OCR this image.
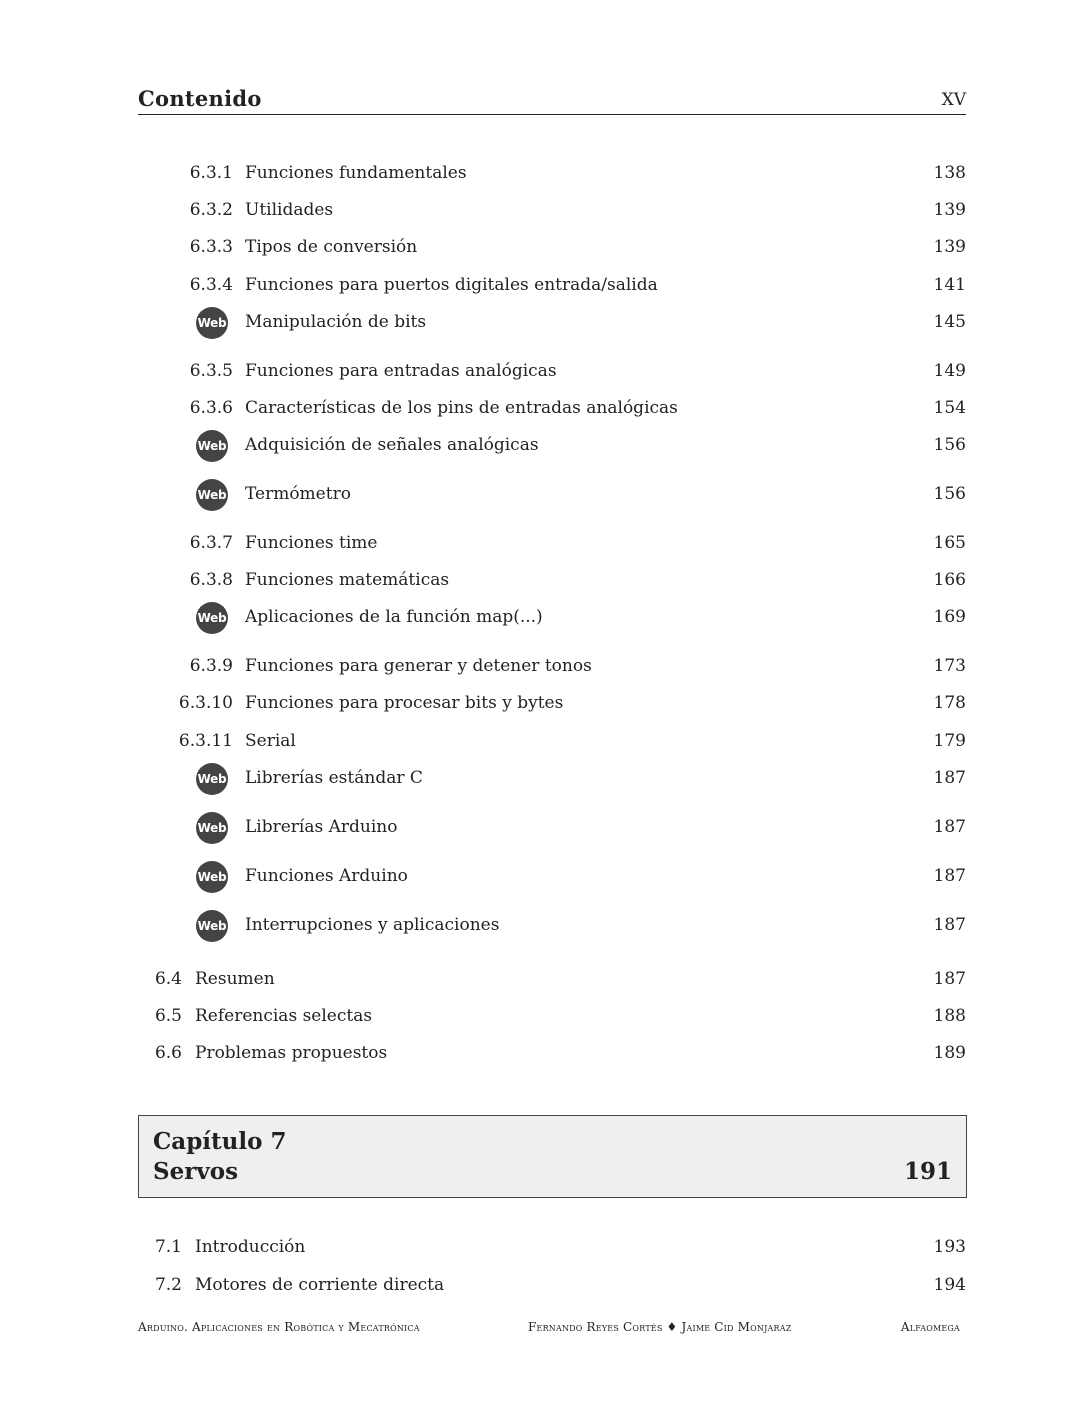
Contenido	XV
6.3.1 Funciones fundamentales	138
6.3.2 Utilidades	139
6.3.3 Tipos de conversión	139
6.3.4 Funciones para puertos digitales entrada/salida	141
Web Manipulación de bits	145
6.3.5 Funciones para entradas analógicas	149
6.3.6 Características de los pins de entradas analógicas	154
Web Adquisición de señales analógicas	156
Web Termómetro	156
6.3.7 Funciones time	165
6.3.8 Funciones matemáticas	166
Web Aplicaciones de la función map(...)	169
6.3.9 Funciones para generar y detener tonos	173
6.3.10 Funciones para procesar bits y bytes	178
6.3.11 Serial	179
Web Librerías estándar C	187
Web Librerías Arduino	187
Web Funciones Arduino	187
Web Interrupciones y aplicaciones	187
6.4 Resumen	187
6.5 Referencias selectas	188
6.6 Problemas propuestos	189
Capítulo 7
Servos	191
7.1 Introducción	193
7.2 Motores de corriente directa	194
Arduino. Aplicaciones en Robótica y Mecatrónica	Fernando Reyes Cortés ♦ Jaime Cid Monjaraz	Alfaomega
